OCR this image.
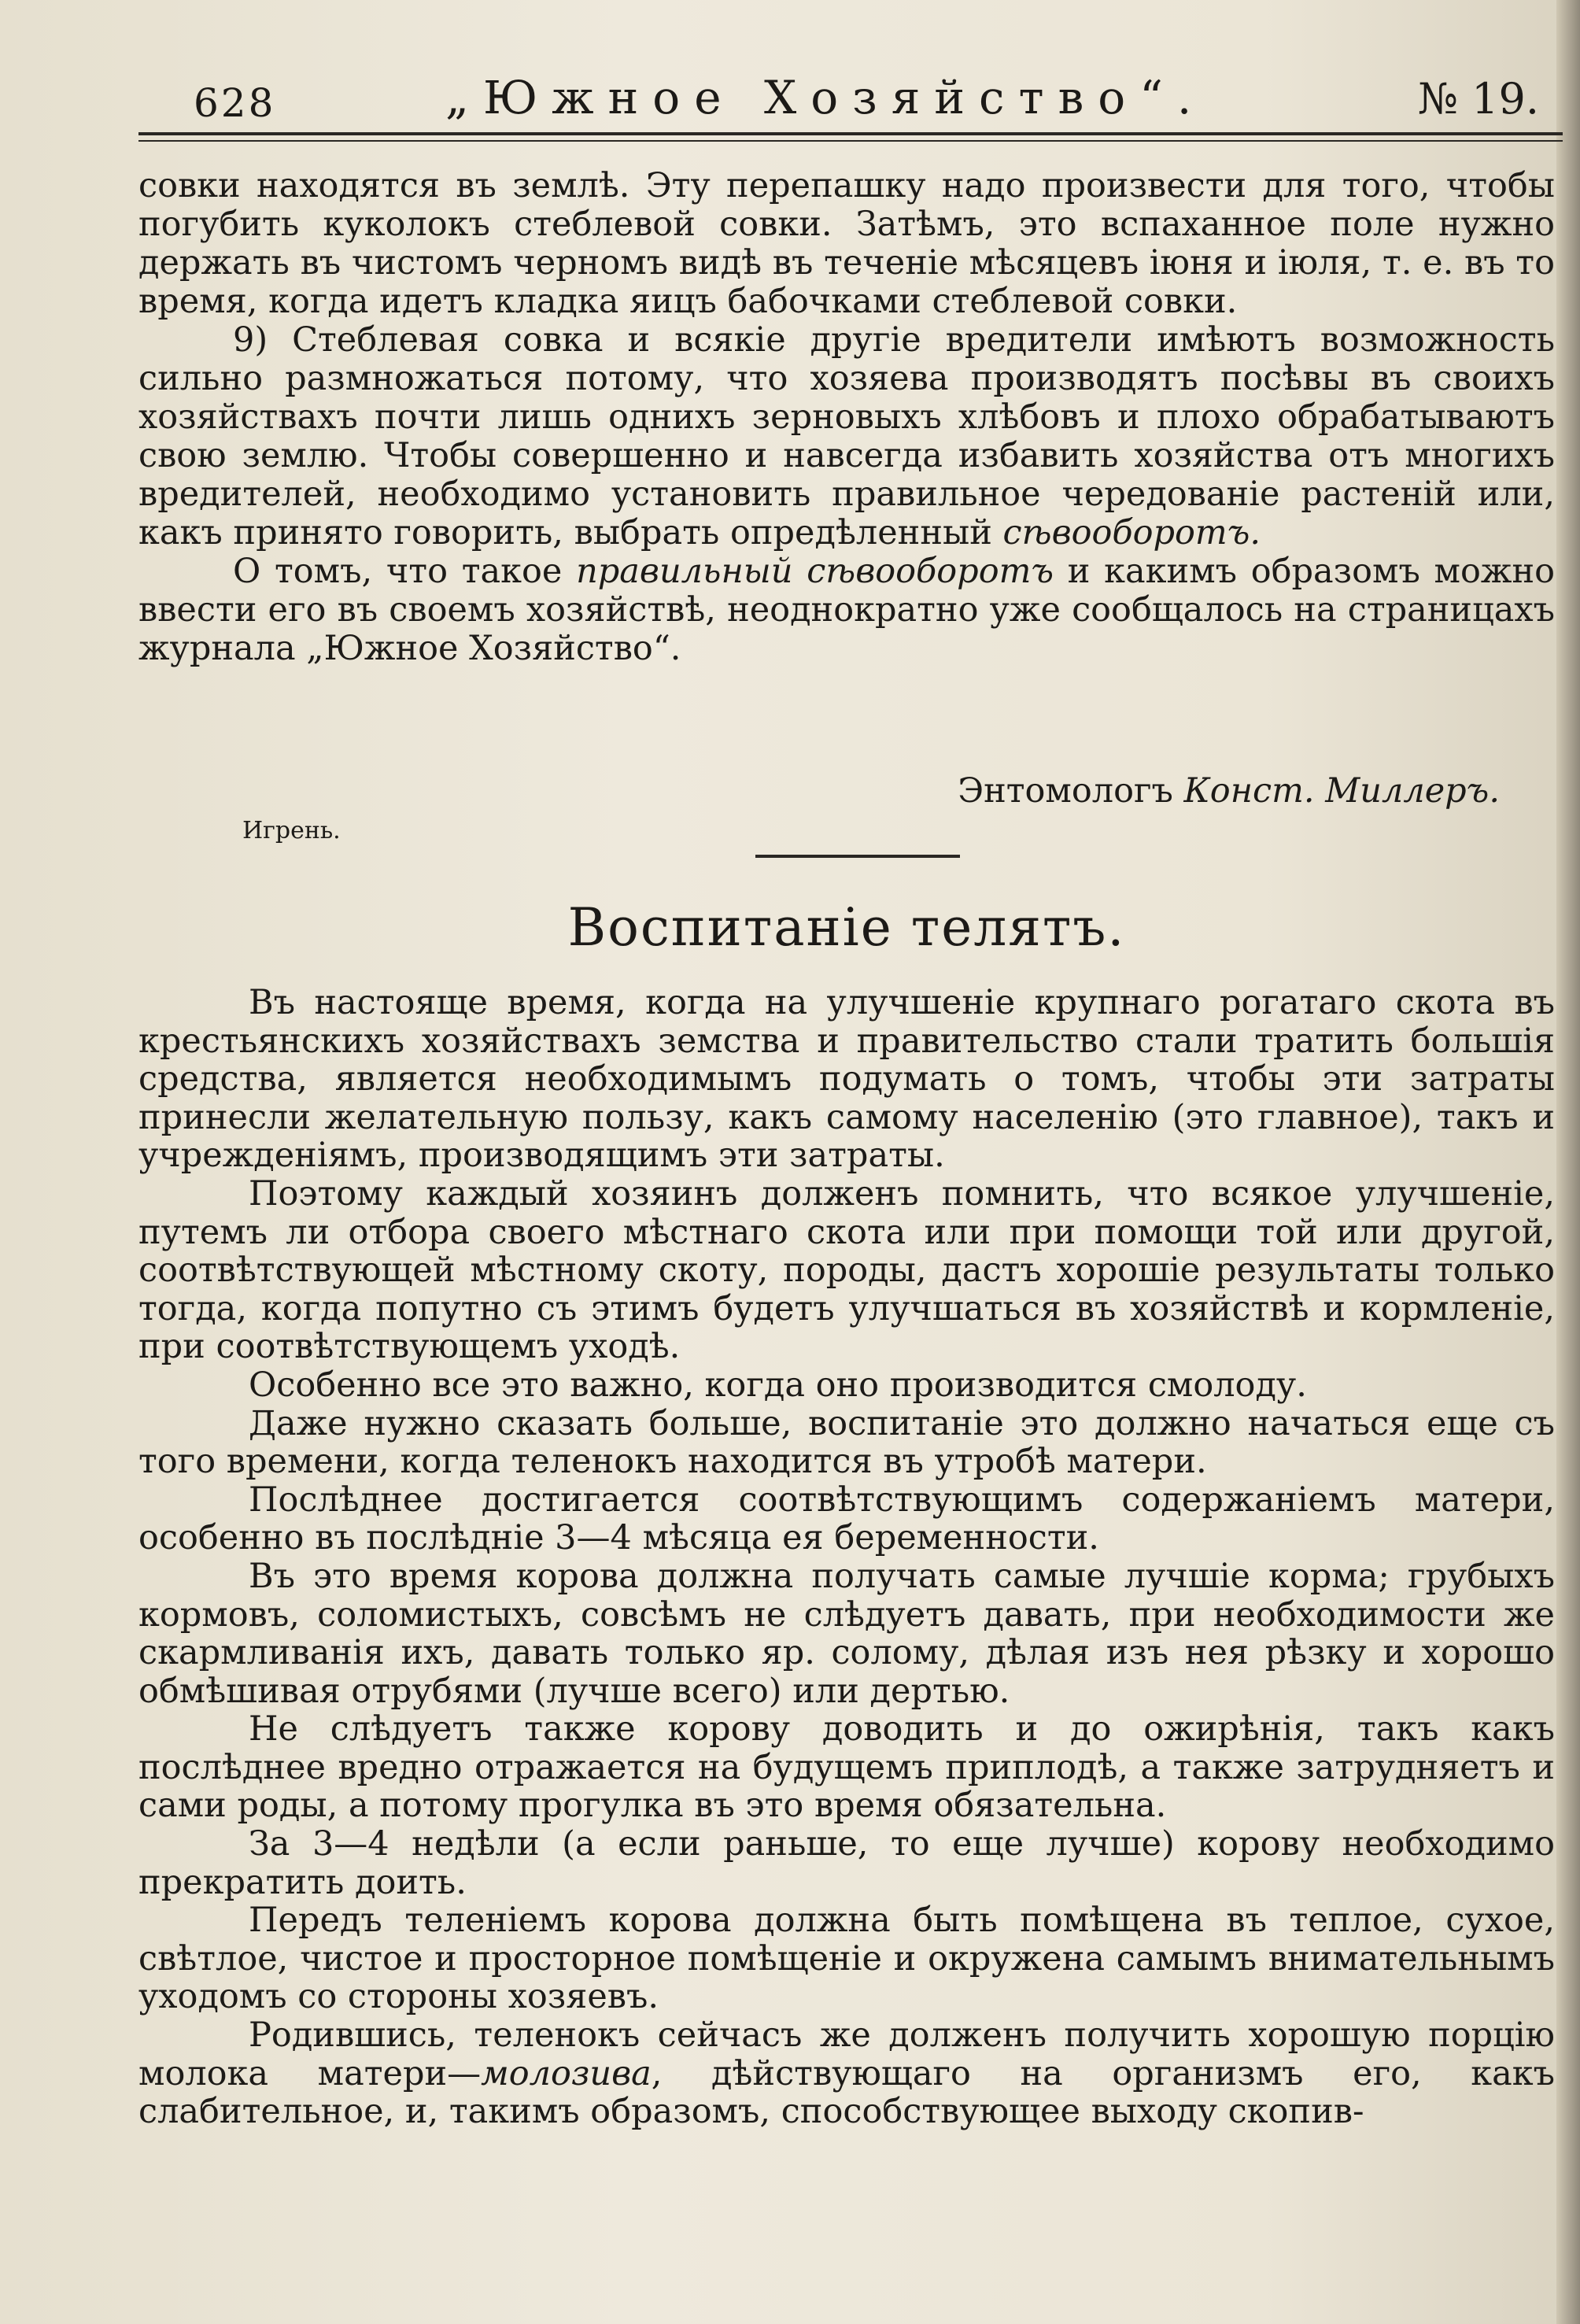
628	„Южное Хозяйство“.	№ 19.

совки находятся въ землѣ. Эту перепашку надо произвести для того, чтобы погубить куколокъ стеблевой совки. Затѣмъ, это вспаханное поле нужно держать въ чистомъ черномъ видѣ въ теченіе мѣсяцевъ іюня и іюля, т. е. въ то время, когда идетъ кладка яицъ бабочками стеблевой совки.

9) Стеблевая совка и всякіе другіе вредители имѣютъ возможность сильно размножаться потому, что хозяева производятъ посѣвы въ своихъ хозяйствахъ почти лишь однихъ зерновыхъ хлѣбовъ и плохо обрабатываютъ свою землю. Чтобы совершенно и навсегда избавить хозяйства отъ многихъ вредителей, необходимо установить правильное чередованіе растеній или, какъ принято говорить, выбрать опредѣленный сѣвооборотъ.

О томъ, что такое правильный сѣвооборотъ и какимъ образомъ можно ввести его въ своемъ хозяйствѣ, неоднократно уже сообщалось на страницахъ журнала „Южное Хозяйство“.

Энтомологъ Конст. Миллеръ.
Игрень.
Воспитаніе телятъ.

Въ настояще время, когда на улучшеніе крупнаго рогатаго скота въ крестьянскихъ хозяйствахъ земства и правительство стали тратить большія средства, является необходимымъ подумать о томъ, чтобы эти затраты принесли желательную пользу, какъ самому населенію (это главное), такъ и учрежденіямъ, производящимъ эти затраты.

Поэтому каждый хозяинъ долженъ помнить, что всякое улучшеніе, путемъ ли отбора своего мѣстнаго скота или при помощи той или другой, соотвѣтствующей мѣстному скоту, породы, дастъ хорошіе результаты только тогда, когда попутно съ этимъ будетъ улучшаться въ хозяйствѣ и кормленіе, при соотвѣтствующемъ уходѣ.

Особенно все это важно, когда оно производится смолоду.

Даже нужно сказать больше, воспитаніе это должно начаться еще съ того времени, когда теленокъ находится въ утробѣ матери.

Послѣднее достигается соотвѣтствующимъ содержаніемъ матери, особенно въ послѣдніе 3—4 мѣсяца ея беременности.

Въ это время корова должна получать самые лучшіе корма; грубыхъ кормовъ, соломистыхъ, совсѣмъ не слѣдуетъ давать, при необходимости же скармливанія ихъ, давать только яр. солому, дѣлая изъ нея рѣзку и хорошо обмѣшивая отрубями (лучше всего) или дертью.

Не слѣдуетъ также корову доводить и до ожирѣнія, такъ какъ послѣднее вредно отражается на будущемъ приплодѣ, а также затрудняетъ и сами роды, а потому прогулка въ это время обязательна.

За 3—4 недѣли (а если раньше, то еще лучше) корову необходимо прекратить доить.

Передъ теленіемъ корова должна быть помѣщена въ теплое, сухое, свѣтлое, чистое и просторное помѣщеніе и окружена самымъ внимательнымъ уходомъ со стороны хозяевъ.

Родившись, теленокъ сейчасъ же долженъ получить хорошую порцію молока матери—молозива, дѣйствующаго на организмъ его, какъ слабительное, и, такимъ образомъ, способствующее выходу скопив-
